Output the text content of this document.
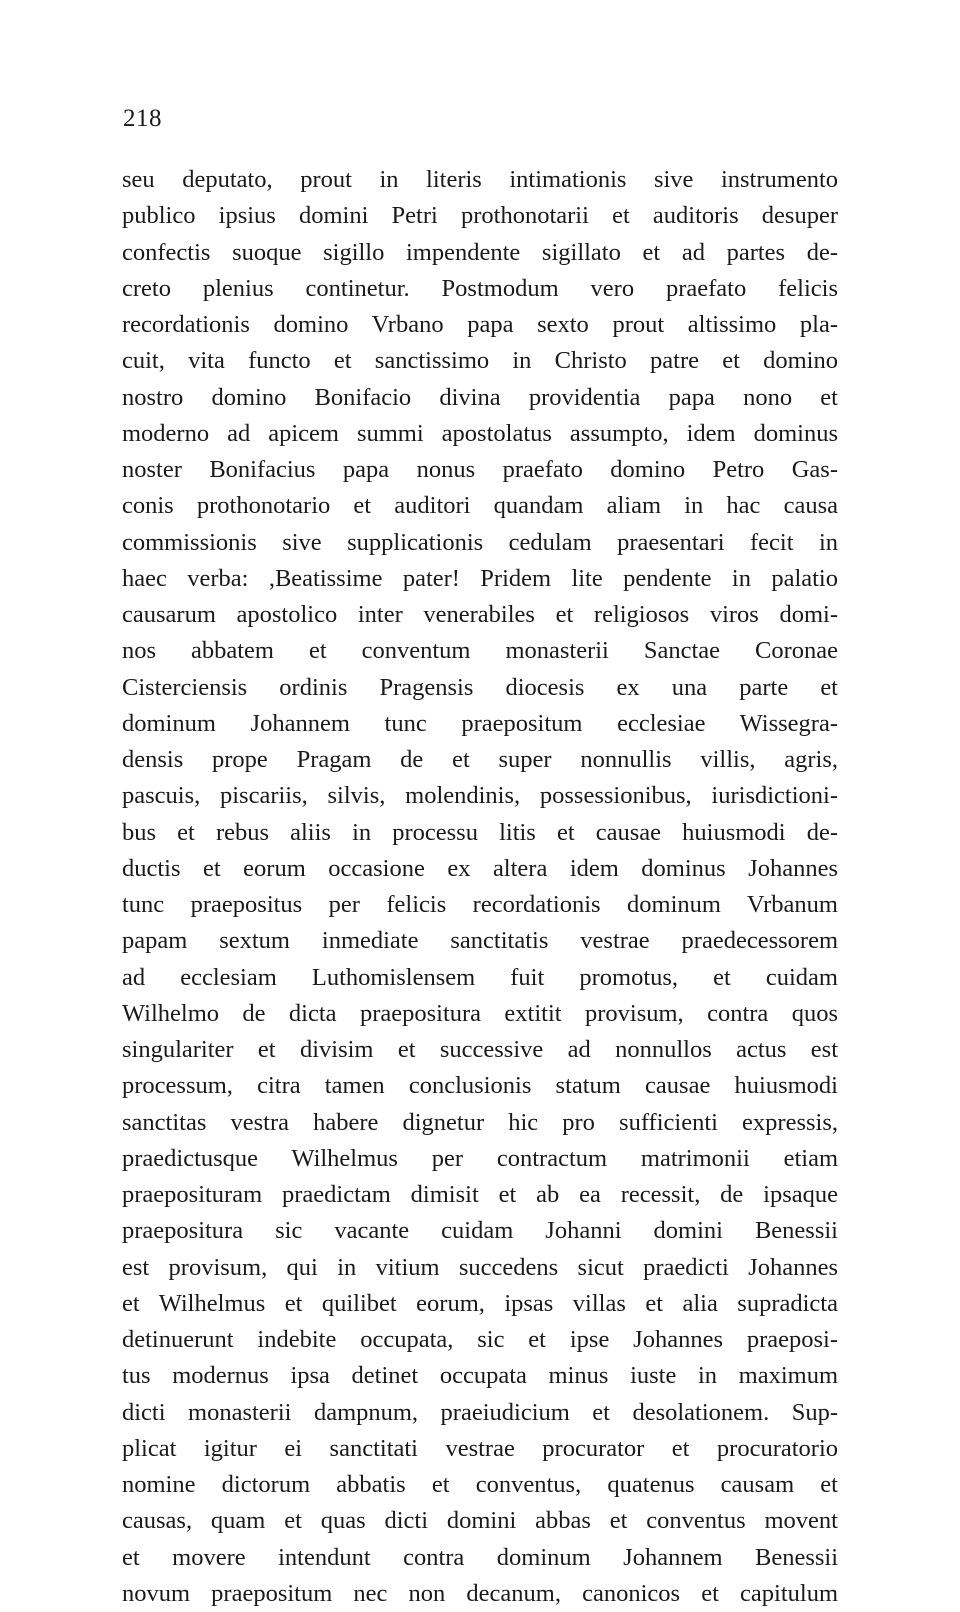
218
seu deputato, prout in literis intimationis sive instrumento
publico ipsius domini Petri prothonotarii et auditoris desuper
confectis suoque sigillo impendente sigillato et ad partes de-
creto plenius continetur. Postmodum vero praefato felicis
recordationis domino Vrbano papa sexto prout altissimo pla-
cuit, vita functo et sanctissimo in Christo patre et domino
nostro domino Bonifacio divina providentia papa nono et
moderno ad apicem summi apostolatus assumpto, idem dominus
noster Bonifacius papa nonus praefato domino Petro Gas-
conis prothonotario et auditori quandam aliam in hac causa
commissionis sive supplicationis cedulam praesentari fecit in
haec verba: ,Beatissime pater! Pridem lite pendente in palatio
causarum apostolico inter venerabiles et religiosos viros domi-
nos abbatem et conventum monasterii Sanctae Coronae
Cisterciensis ordinis Pragensis diocesis ex una parte et
dominum Johannem tunc praepositum ecclesiae Wissegra-
densis prope Pragam de et super nonnullis villis, agris,
pascuis, piscariis, silvis, molendinis, possessionibus, iurisdictioni-
bus et rebus aliis in processu litis et causae huiusmodi de-
ductis et eorum occasione ex altera idem dominus Johannes
tunc praepositus per felicis recordationis dominum Vrbanum
papam sextum inmediate sanctitatis vestrae praedecessorem
ad ecclesiam Luthomislensem fuit promotus, et cuidam
Wilhelmo de dicta praepositura extitit provisum, contra quos
singulariter et divisim et successive ad nonnullos actus est
processum, citra tamen conclusionis statum causae huiusmodi
sanctitas vestra habere dignetur hic pro sufficienti expressis,
praedictusque Wilhelmus per contractum matrimonii etiam
praeposituram praedictam dimisit et ab ea recessit, de ipsaque
praepositura sic vacante cuidam Johanni domini Benessii
est provisum, qui in vitium succedens sicut praedicti Johannes
et Wilhelmus et quilibet eorum, ipsas villas et alia supradicta
detinuerunt indebite occupata, sic et ipse Johannes praeposi-
tus modernus ipsa detinet occupata minus iuste in maximum
dicti monasterii dampnum, praeiudicium et desolationem. Sup-
plicat igitur ei sanctitati vestrae procurator et procuratorio
nomine dictorum abbatis et conventus, quatenus causam et
causas, quam et quas dicti domini abbas et conventus movent
et movere intendunt contra dominum Johannem Benessii
novum praepositum nec non decanum, canonicos et capitulum
